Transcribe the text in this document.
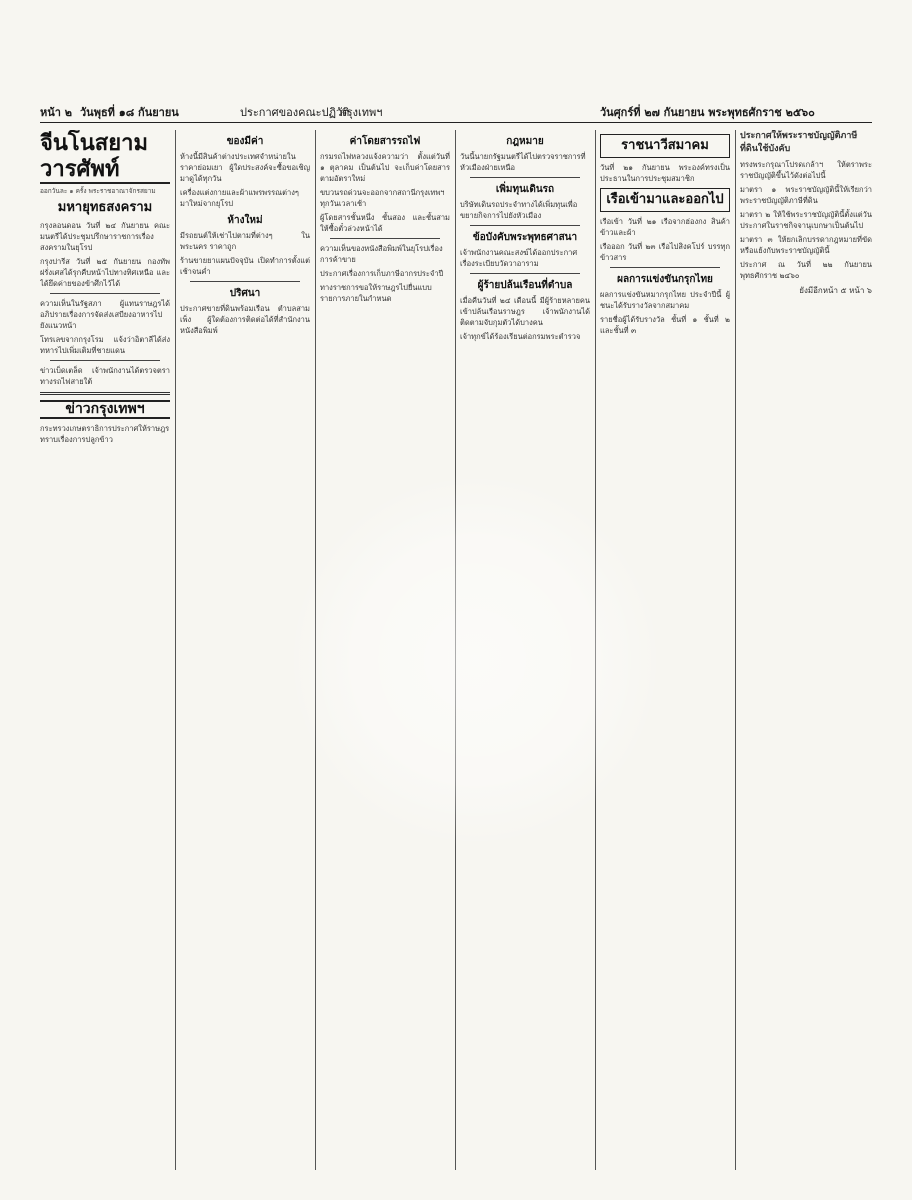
หน้า ๒ วันพุธที่ ๑๘ กันยายน	ประกาศของคณะปฏิวัติ
กรุงเทพฯ	วันศุกร์ที่ ๒๗ กันยายน พระพุทธศักราช ๒๕๖๐
จีนโนสยามวารศัพท์
ออกวันละ ๑ ครั้ง พระราชอาณาจักรสยาม
มหายุทธสงคราม

กรุงลอนดอน วันที่ ๒๔ กันยายน คณะมนตรีได้ประชุมปรึกษาราชการเรื่องสงครามในยุโรป

กรุงปารีส วันที่ ๒๕ กันยายน กองทัพฝรั่งเศสได้รุกคืบหน้าไปทางทิศเหนือ และได้ยึดค่ายของข้าศึกไว้ได้

ความเห็นในรัฐสภา ผู้แทนราษฎรได้อภิปรายเรื่องการจัดส่งเสบียงอาหารไปยังแนวหน้า

โทรเลขจากกรุงโรม แจ้งว่าอิตาลีได้ส่งทหารไปเพิ่มเติมที่ชายแดน

ข่าวเบ็ดเตล็ด เจ้าพนักงานได้ตรวจตราทางรถไฟสายใต้

ข่าวกรุงเทพฯ

กระทรวงเกษตราธิการประกาศให้ราษฎรทราบเรื่องการปลูกข้าว

ของมีค่า

ห้างนี้มีสินค้าต่างประเทศจำหน่ายในราคาย่อมเยา ผู้ใดประสงค์จะซื้อขอเชิญมาดูได้ทุกวัน

เครื่องแต่งกายและผ้าแพรพรรณต่างๆ มาใหม่จากยุโรป

ห้างใหม่

มีรถยนต์ให้เช่าไปตามที่ต่างๆ ในพระนคร ราคาถูก

ร้านขายยาแผนปัจจุบัน เปิดทำการตั้งแต่เช้าจนค่ำ

ปริศนา

ประกาศขายที่ดินพร้อมเรือน ตำบลสามเพ็ง ผู้ใดต้องการติดต่อได้ที่สำนักงานหนังสือพิมพ์

ค่าโดยสารรถไฟ

กรมรถไฟหลวงแจ้งความว่า ตั้งแต่วันที่ ๑ ตุลาคม เป็นต้นไป จะเก็บค่าโดยสารตามอัตราใหม่

ขบวนรถด่วนจะออกจากสถานีกรุงเทพฯ ทุกวันเวลาเช้า

ผู้โดยสารชั้นหนึ่ง ชั้นสอง และชั้นสาม ให้ซื้อตั๋วล่วงหน้าได้

ความเห็นของหนังสือพิมพ์ในยุโรปเรื่องการค้าขาย

ประกาศเรื่องการเก็บภาษีอากรประจำปี

ทางราชการขอให้ราษฎรไปยื่นแบบรายการภายในกำหนด

กฎหมาย

วันนี้นายกรัฐมนตรีได้ไปตรวจราชการที่หัวเมืองฝ่ายเหนือ

เพิ่มทุนเดินรถ

บริษัทเดินรถประจำทางได้เพิ่มทุนเพื่อขยายกิจการไปยังหัวเมือง

ข้อบังคับพระพุทธศาสนา

เจ้าพนักงานคณะสงฆ์ได้ออกประกาศเรื่องระเบียบวัดวาอาราม

ผู้ร้ายปล้นเรือนที่ตำบล

เมื่อคืนวันที่ ๒๔ เดือนนี้ มีผู้ร้ายหลายคนเข้าปล้นเรือนราษฎร เจ้าพนักงานได้ติดตามจับกุมตัวได้บางคน

เจ้าทุกข์ได้ร้องเรียนต่อกรมพระตำรวจ

ราชนาวีสมาคม

วันที่ ๒๑ กันยายน พระองค์ทรงเป็นประธานในการประชุมสมาชิก

เรือเข้ามาและออกไป

เรือเข้า วันที่ ๒๑ เรือจากฮ่องกง สินค้าข้าวและผ้า

เรือออก วันที่ ๒๓ เรือไปสิงคโปร์ บรรทุกข้าวสาร

ผลการแข่งขันกรุกไทย

ผลการแข่งขันหมากรุกไทย ประจำปีนี้ ผู้ชนะได้รับรางวัลจากสมาคม

รายชื่อผู้ได้รับรางวัล ชั้นที่ ๑ ชั้นที่ ๒ และชั้นที่ ๓

ประกาศให้พระราชบัญญัติภาษีที่ดินใช้บังคับ

ทรงพระกรุณาโปรดเกล้าฯ ให้ตราพระราชบัญญัติขึ้นไว้ดังต่อไปนี้

มาตรา ๑ พระราชบัญญัตินี้ให้เรียกว่า พระราชบัญญัติภาษีที่ดิน

มาตรา ๒ ให้ใช้พระราชบัญญัตินี้ตั้งแต่วันประกาศในราชกิจจานุเบกษาเป็นต้นไป

มาตรา ๓ ให้ยกเลิกบรรดากฎหมายที่ขัดหรือแย้งกับพระราชบัญญัตินี้

ประกาศ ณ วันที่ ๒๒ กันยายน พุทธศักราช ๒๔๖๐

ยังมีอีกหน้า ๕ หน้า ๖
